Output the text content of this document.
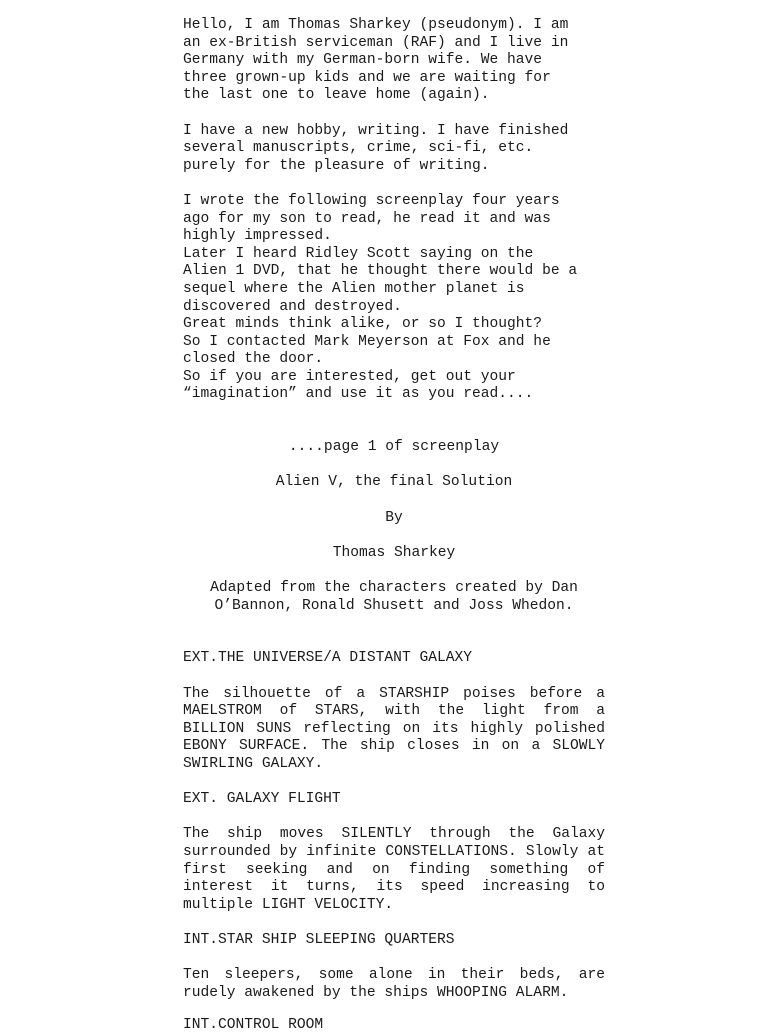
Hello, I am Thomas Sharkey (pseudonym). I am
an ex-British serviceman (RAF) and I live in
Germany with my German-born wife. We have
three grown-up kids and we are waiting for
the last one to leave home (again).

I have a new hobby, writing. I have finished
several manuscripts, crime, sci-fi, etc.
purely for the pleasure of writing.

I wrote the following screenplay four years
ago for my son to read, he read it and was
highly impressed.

Later I heard Ridley Scott saying on the
Alien 1 DVD, that he thought there would be a
sequel where the Alien mother planet is
discovered and destroyed.

Great minds think alike, or so I thought?

So I contacted Mark Meyerson at Fox and he
closed the door.

So if you are interested, get out your
“imagination” and use it as you read....

....page 1 of screenplay

Alien V, the final Solution

By

Thomas Sharkey

Adapted from the characters created by Dan
O’Bannon, Ronald Shusett and Joss Whedon.

EXT.THE UNIVERSE/A DISTANT GALAXY

The silhouette of a STARSHIP poises before a MAELSTROM of STARS, with the light from a BILLION SUNS reflecting on its highly polished EBONY SURFACE. The ship closes in on a SLOWLY SWIRLING GALAXY.

EXT. GALAXY FLIGHT

The ship moves SILENTLY through the Galaxy surrounded by infinite CONSTELLATIONS. Slowly at first seeking and on finding something of interest it turns, its speed increasing to multiple LIGHT VELOCITY.

INT.STAR SHIP SLEEPING QUARTERS

Ten sleepers, some alone in their beds, are rudely awakened by the ships WHOOPING ALARM.

INT.CONTROL ROOM
